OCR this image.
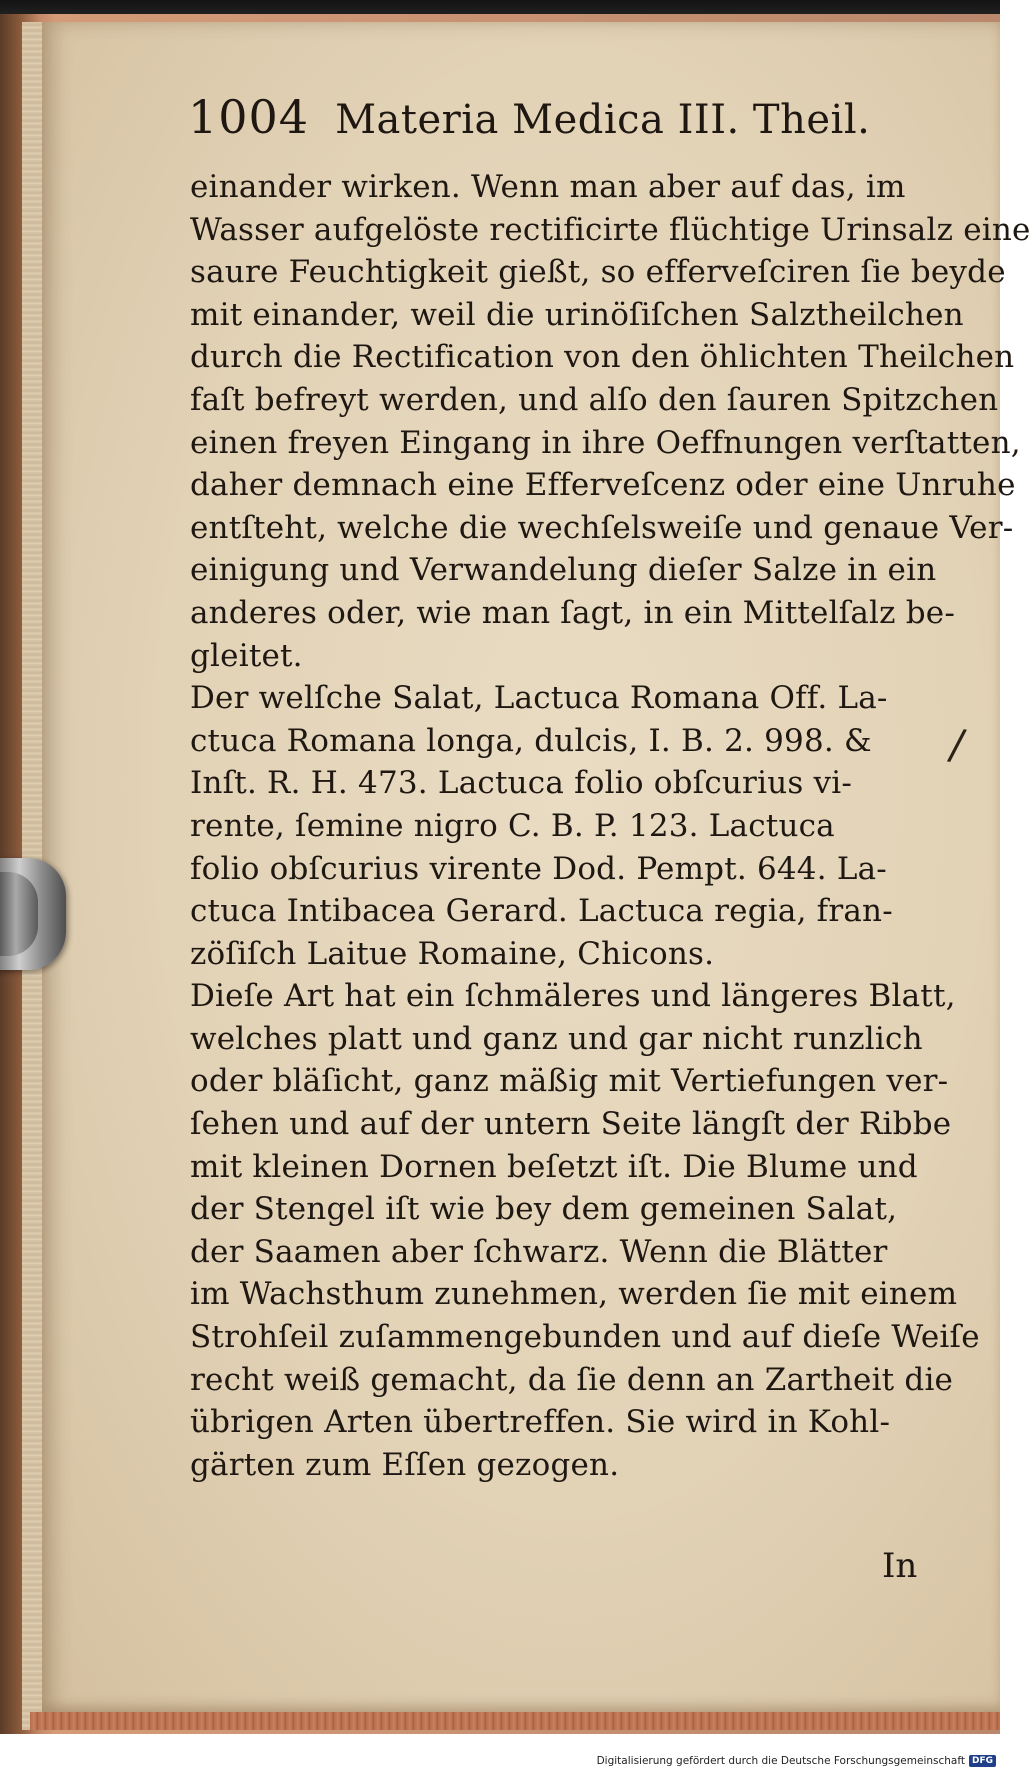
/
1004 Materia Medica III. Theil.
einander wirken. Wenn man aber auf das, im
Wasser aufgelöste rectificirte flüchtige Urinsalz eine
saure Feuchtigkeit gießt, so efferveſciren ſie beyde
mit einander, weil die urinöſiſchen Salztheilchen
durch die Rectification von den öhlichten Theilchen
faſt befreyt werden, und alſo den ſauren Spitzchen
einen freyen Eingang in ihre Oeffnungen verſtatten,
daher demnach eine Efferveſcenz oder eine Unruhe
entſteht, welche die wechſelsweiſe und genaue Ver-
einigung und Verwandelung dieſer Salze in ein
anderes oder, wie man ſagt, in ein Mittelſalz be-
gleitet.
Der welſche Salat, Lactuca Romana Off. La-
ctuca Romana longa, dulcis, I. B. 2. 998. &
Inſt. R. H. 473. Lactuca folio obſcurius vi-
rente, ſemine nigro C. B. P. 123. Lactuca
folio obſcurius virente Dod. Pempt. 644. La-
ctuca Intibacea Gerard. Lactuca regia, fran-
zöſiſch Laitue Romaine, Chicons.
Dieſe Art hat ein ſchmäleres und längeres Blatt,
welches platt und ganz und gar nicht runzlich
oder bläſicht, ganz mäßig mit Vertiefungen ver-
ſehen und auf der untern Seite längſt der Ribbe
mit kleinen Dornen beſetzt iſt. Die Blume und
der Stengel iſt wie bey dem gemeinen Salat,
der Saamen aber ſchwarz. Wenn die Blätter
im Wachsthum zunehmen, werden ſie mit einem
Strohſeil zuſammengebunden und auf dieſe Weiſe
recht weiß gemacht, da ſie denn an Zartheit die
übrigen Arten übertreffen. Sie wird in Kohl-
gärten zum Eſſen gezogen.
In
Digitalisierung gefördert durch die Deutsche Forschungsgemeinschaft DFG
